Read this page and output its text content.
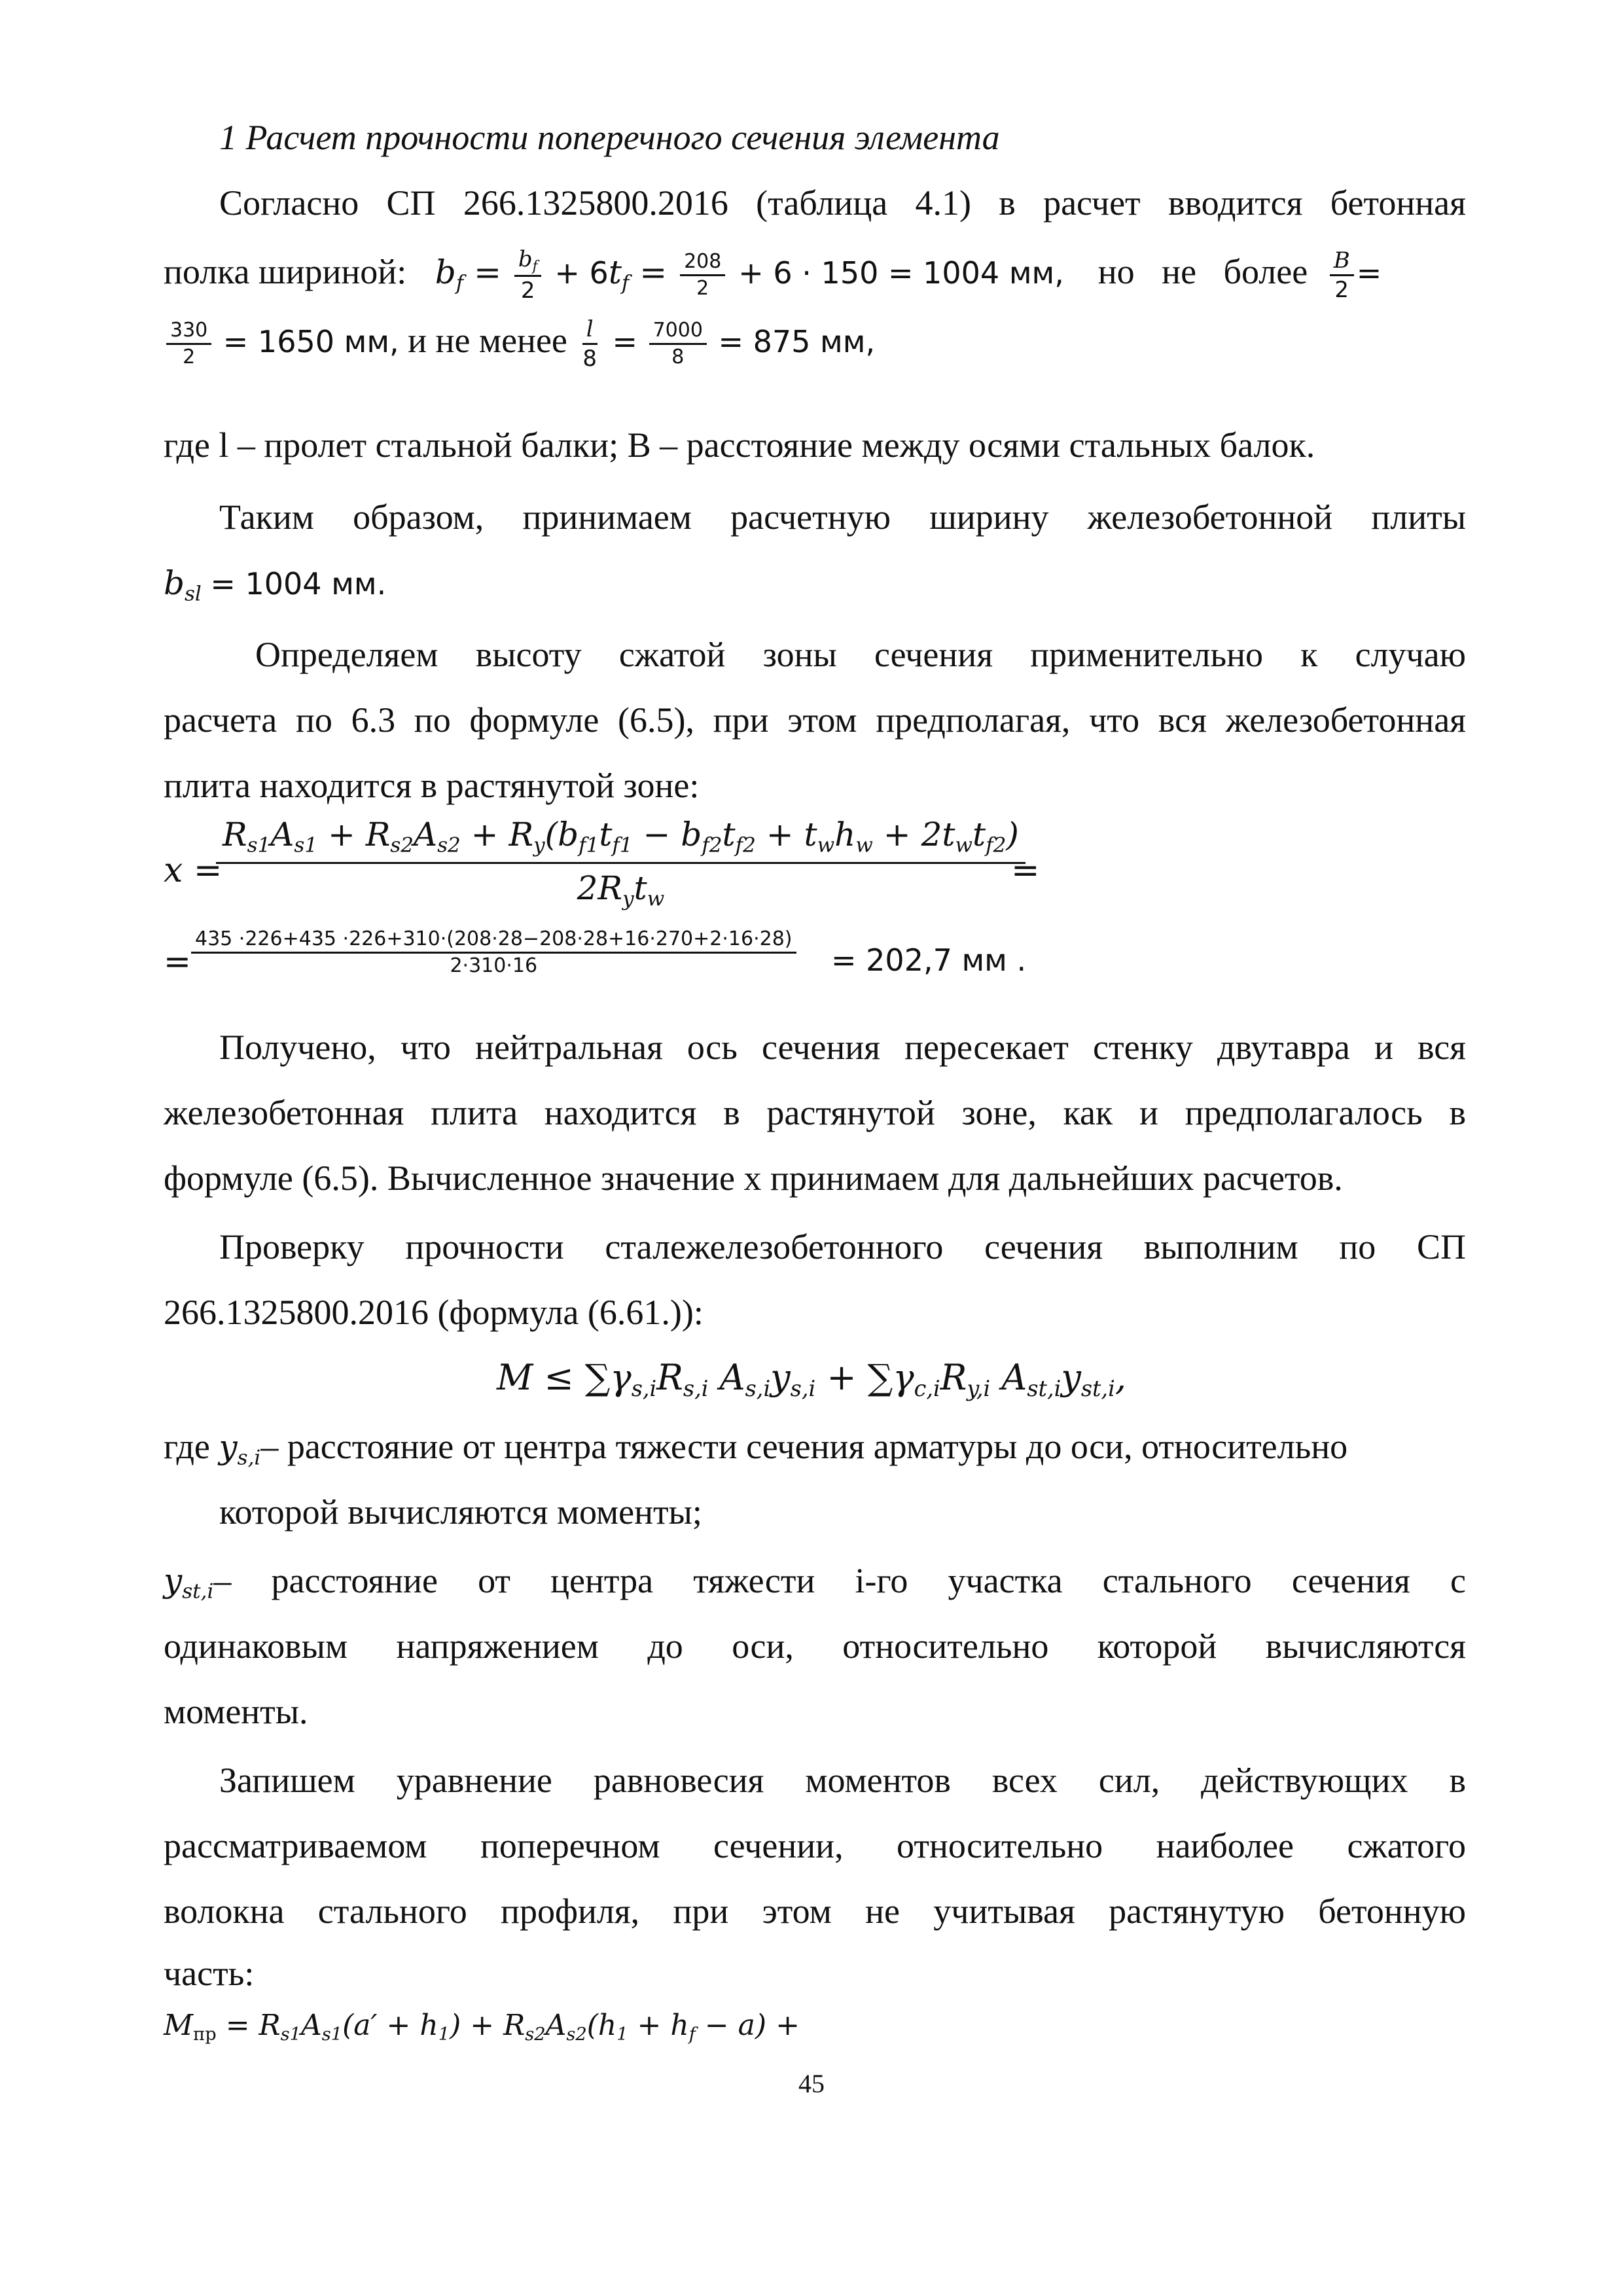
1 Расчет прочности поперечного сечения элемента
Согласно СП 266.1325800.2016 (таблица 4.1) в расчет вводится бетонная
полка шириной: $b_f = \frac{b_f}{2} + 6t_f = \frac{208}{2} + 6 \cdot 150 = 1004$ мм, но не более $\frac{B}{2}$ =
$\frac{330}{2} = 1650$ мм, и не менее $\frac{l}{8} = \frac{7000}{8} = 875$ мм,
где l – пролет стальной балки; B – расстояние между осями стальных балок.
Таким образом, принимаем расчетную ширину железобетонной плиты
$b_{sl} = 1004$ мм.
Определяем высоту сжатой зоны сечения применительно к случаю
расчета по 6.3 по формуле (6.5), при этом предполагая, что вся железобетонная
плита находится в растянутой зоне:
x =
$R_{s1}A_{s1} + R_{s2}A_{s2} + R_y(b_{f1}t_{f1} - b_{f2}t_{f2} + t_wh_w + 2t_wt_{f2})$
$2R_yt_w$
=
= $\frac{435 \cdot 226+435 \cdot 226+310\cdot(208\cdot 28-208\cdot 28+16\cdot 270+2\cdot 16\cdot 28)}{2\cdot 310\cdot 16} = 202,7$ мм .
Получено, что нейтральная ось сечения пересекает стенку двутавра и вся
железобетонная плита находится в растянутой зоне, как и предполагалось в
формуле (6.5). Вычисленное значение x принимаем для дальнейших расчетов.
Проверку прочности сталежелезобетонного сечения выполним по СП
266.1325800.2016 (формула (6.61.)):
$M \le \sum\gamma_{s,i}R_{s,i}$ $A_{s,i}y_{s,i} + \sum\gamma_{c,i}R_{y,i}$ $A_{st,i}y_{st,i}$,
где $y_{s,i}-$ расстояние от центра тяжести сечения арматуры до оси, относительно
которой вычисляются моменты;
$y_{st,i}$ – расстояние от центра тяжести i-го участка стального сечения с
одинаковым напряжением до оси, относительно которой вычисляются
моменты.
Запишем уравнение равновесия моментов всех сил, действующих в
рассматриваемом поперечном сечении, относительно наиболее сжатого
волокна стального профиля, при этом не учитывая растянутую бетонную
часть:
$M_{пр} = R_{s1}A_{s1}(a' + h_1) + R_{s2}A_{s2}(h_1 + h_f - a)$ +
45
